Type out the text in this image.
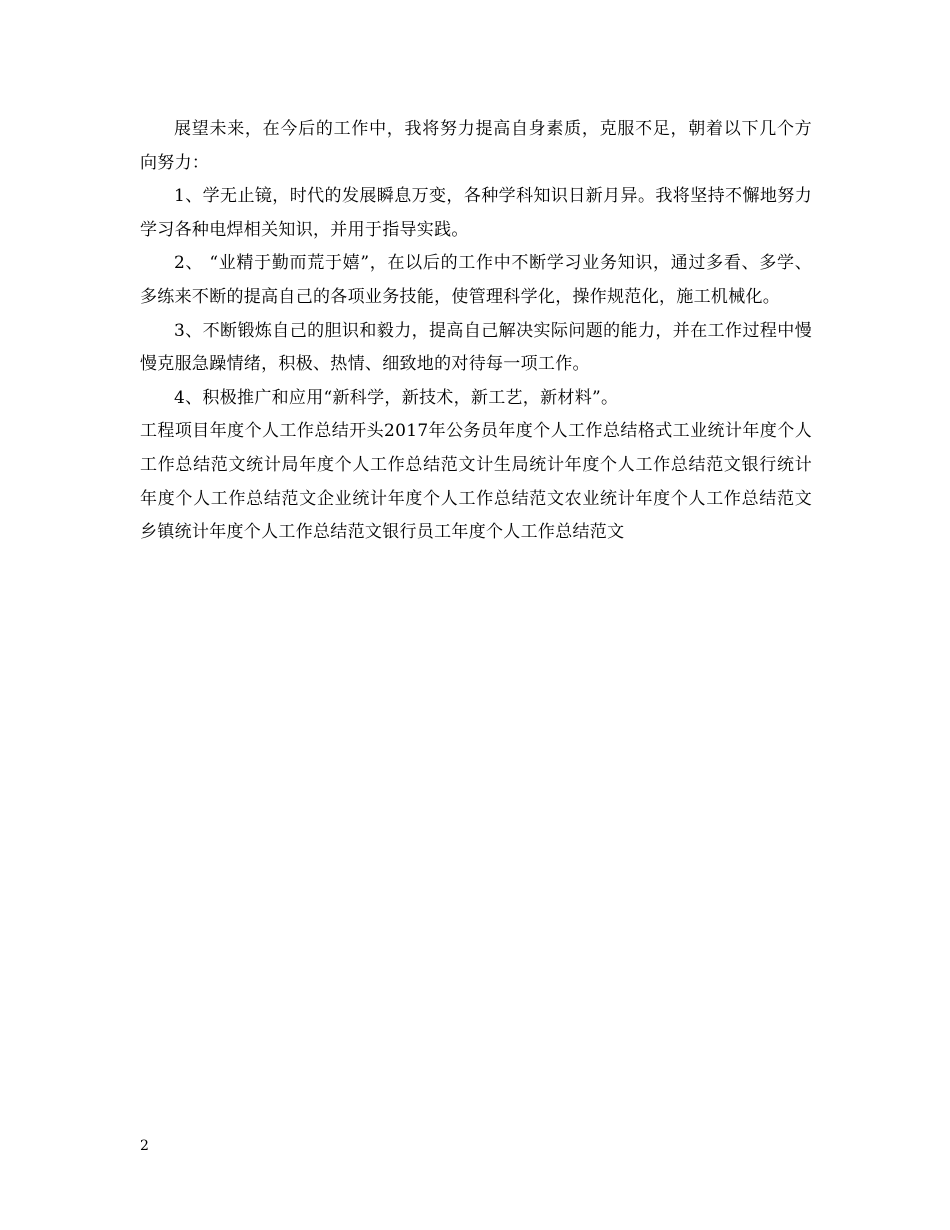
展望未来，在今后的工作中，我将努力提高自身素质，克服不足，朝着以下几个方向努力：

1、学无止镜，时代的发展瞬息万变，各种学科知识日新月异。我将坚持不懈地努力学习各种电焊相关知识，并用于指导实践。

2、 “业精于勤而荒于嬉”，在以后的工作中不断学习业务知识，通过多看、多学、多练来不断的提高自己的各项业务技能，使管理科学化，操作规范化，施工机械化。

3、不断锻炼自己的胆识和毅力，提高自己解决实际问题的能力，并在工作过程中慢慢克服急躁情绪，积极、热情、细致地的对待每一项工作。

4、积极推广和应用“新科学，新技术，新工艺，新材料”。

工程项目年度个人工作总结开头2017年公务员年度个人工作总结格式工业统计年度个人工作总结范文统计局年度个人工作总结范文计生局统计年度个人工作总结范文银行统计年度个人工作总结范文企业统计年度个人工作总结范文农业统计年度个人工作总结范文乡镇统计年度个人工作总结范文银行员工年度个人工作总结范文

2
